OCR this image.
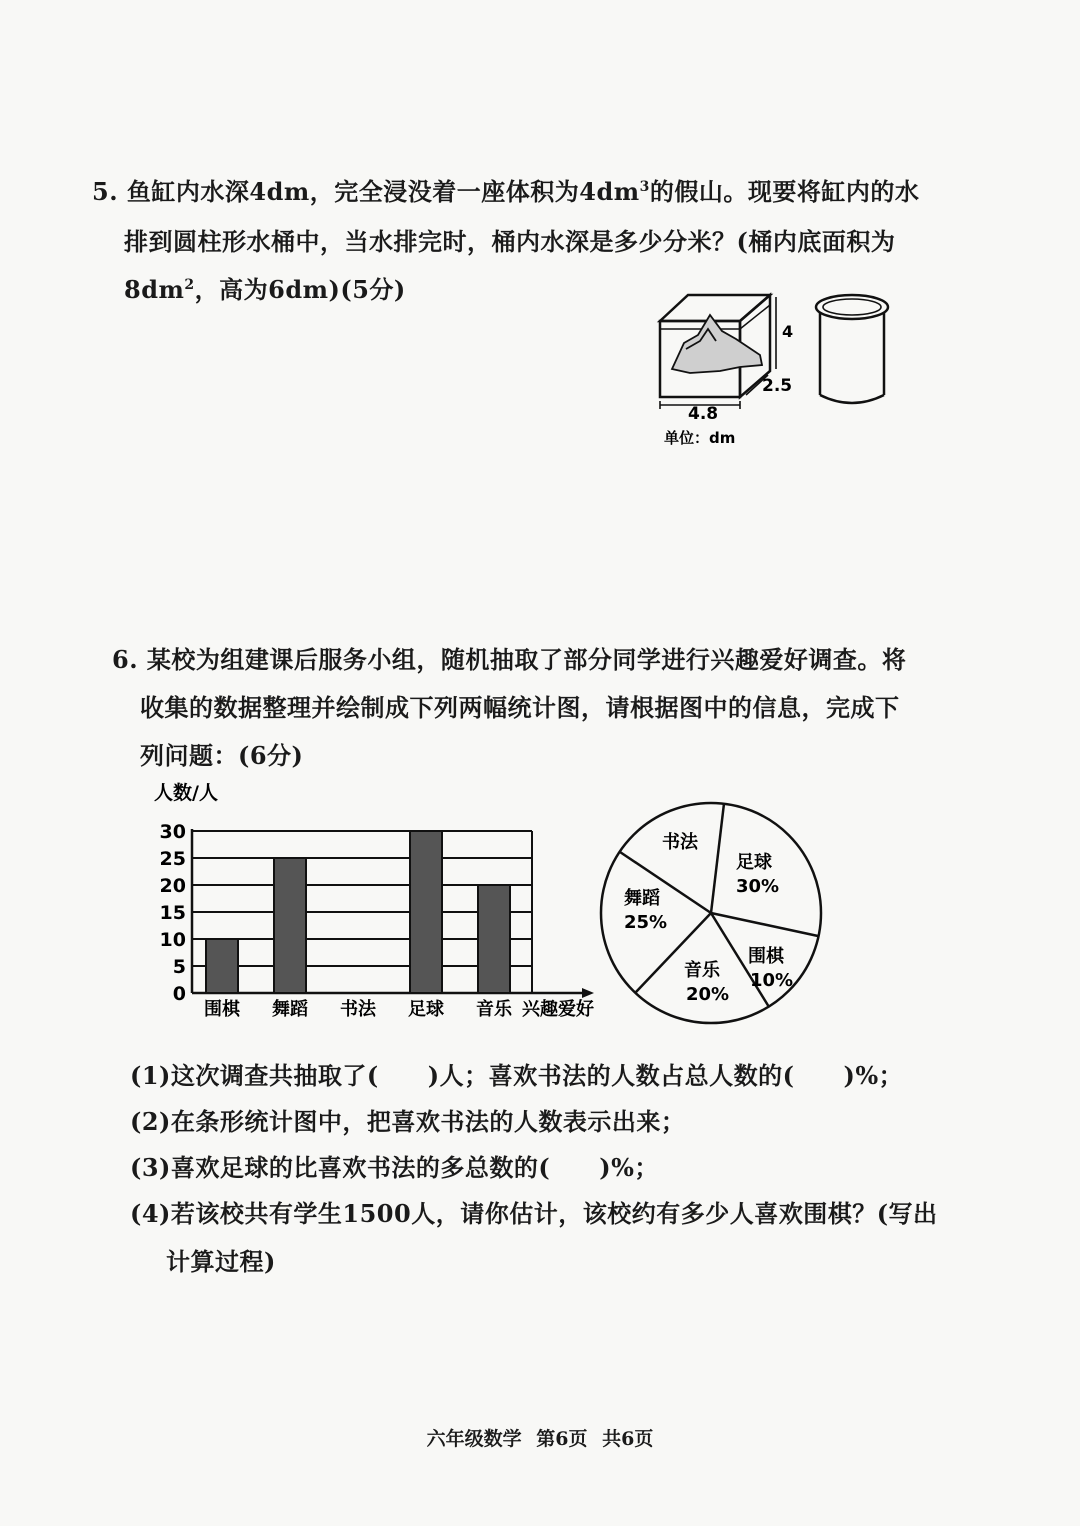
5. 鱼缸内水深4dm，完全浸没着一座体积为$4dm^3$的假山。现要将缸内的水
排到圆柱形水桶中，当水排完时，桶内水深是多少分米？(桶内底面积为
$8dm^2$，高为6dm)(5分)
4
2.5
4.8
单位：dm
6. 某校为组建课后服务小组，随机抽取了部分同学进行兴趣爱好调查。将
收集的数据整理并绘制成下列两幅统计图，请根据图中的信息，完成下
列问题：(6分)
人数/人
0
5
10
15
20
25
30
围棋 舞蹈 书法 足球 音乐 兴趣爱好
书法
足球
30%
围棋
10%
音乐
20%
舞蹈
25%
(1)这次调查共抽取了(　　)人；喜欢书法的人数占总人数的(　　)%；
(2)在条形统计图中，把喜欢书法的人数表示出来；
(3)喜欢足球的比喜欢书法的多总数的(　　)%；
(4)若该校共有学生1500人，请你估计，该校约有多少人喜欢围棋？(写出
计算过程)
六年级数学 第6页 共6页
